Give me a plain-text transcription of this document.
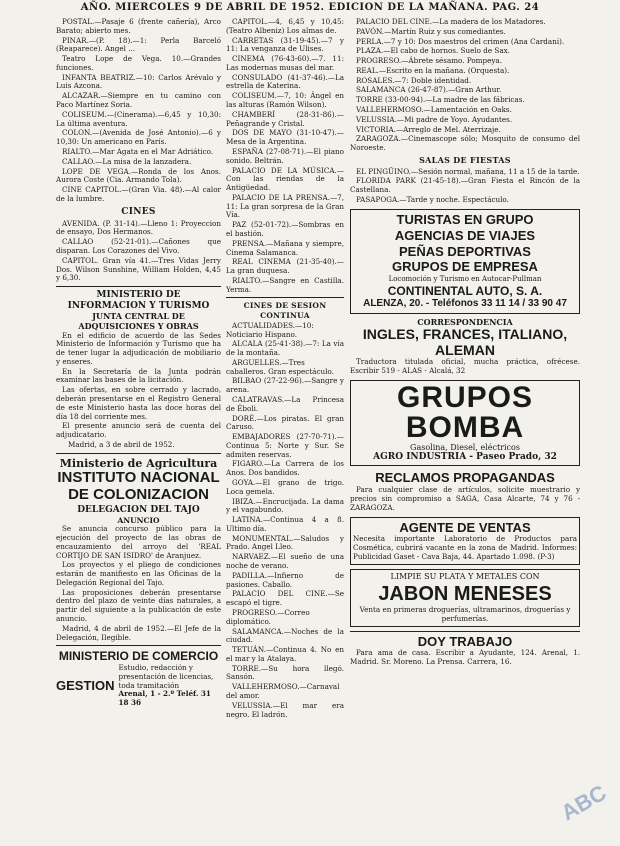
AÑO. MIERCOLES 9 DE ABRIL DE 1952. EDICION DE LA MAÑANA. PAG. 24

POSTAL.—Pasaje 6 (frente cañería), Arco Barato; abierto mes.

PINAR.—(P. 18).—1: Perla Barceló (Reaparece). Angel ...

Teatro Lope de Vega. 10.—Grandes funciones.

INFANTA BEATRIZ.—10: Carlos Arévalo y Luis Azcona.

ALCAZAR.—Siempre en tu camino con Paco Martínez Soria.

COLISEUM.—(Cinerama).—6,45 y 10,30: La última aventura.

COLON.—(Avenida de José Antonio).—6 y 10,30: Un americano en París.

RIALTO.—Mar Agata en el Mar Adriático.

CALLAO.—La misa de la lanzadera.

LOPE DE VEGA.—Ronda de los Anos. Aurora Coste (Cia. Armando Tola).

CINE CAPITOL.—(Gran Via. 48).—Al calor de la lumbre.

CINES

AVENIDA. (P. 31-14).—Lleno 1: Proyeccion de ensayo, Dos Hermanos.

CALLAO (52-21-01).—Cañones que disparan. Los Corazones del Vivo.

CAPITOL. Gran vía 41.—Tres Vidas Jerry Dos. Wilson Sunshine, William Holden, 4,45 y 6,30.

MINISTERIO DE INFORMACION Y TURISMO
JUNTA CENTRAL DE ADQUISICIONES Y OBRAS

En el edificio de acuerdo de las Sedes Ministerio de Información y Turismo que ha de tener lugar la adjudicación de mobiliario y enseres.

En la Secretaría de la Junta podrán examinar las bases de la licitación.

Las ofertas, en sobre cerrado y lacrado, deberán presentarse en el Registro General de este Ministerio hasta las doce horas del día 18 del corriente mes.

El presente anuncio será de cuenta del adjudicatario.

Madrid, a 3 de abril de 1952.

Ministerio de Agricultura
INSTITUTO NACIONAL DE COLONIZACION
DELEGACION DEL TAJO
ANUNCIO

Se anuncia concurso público para la ejecución del proyecto de las obras de encauzamiento del arroyo del 'REAL CORTIJO DE SAN ISIDRO' de Aranjuez.

Los proyectos y el pliego de condiciones estarán de manifiesto en las Oficinas de la Delegación Regional del Tajo.

Las proposiciones deberán presentarse dentro del plazo de veinte días naturales, a partir del siguiente a la publicación de este anuncio.

Madrid, 4 de abril de 1952.—El Jefe de la Delegación, Ilegible.

MINISTERIO DE COMERCIO
GESTION
Estudio, redacción y presentación de licencias, toda tramitación
Arenal, 1 - 2.º Teléf. 31 18 36

CAPITOL.—4, 6,45 y 10,45: (Teatro Albeniz) Los almas de.

CARRETAS (31-19-45).—7 y 11: La venganza de Ulises.

CINEMA (76-43-60).—7. 11: Las modernas musas del mar.

CONSULADO (41-37-46).—La estrella de Katerina.

COLISEUM.—7, 10: Ángel en las alturas (Ramón Wilson).

CHAMBERÍ (28-31-86).—Peñagrande y Cristal.

DOS DE MAYO (31-10-47).—Mesa de la Argentina.

ESPAÑA (27-08-71).—El piano sonido. Beltrán.

PALACIO DE LA MÚSICA.—Con las riendas de la Antigüedad.

PALACIO DE LA PRENSA.—7, 11: La gran sorpresa de la Gran Vía.

PAZ (52-01-72).—Sombras en el bastión.

PRENSA.—Mañana y siempre, Cinema Salamanca.

REAL CINEMA (21-35-40).—La gran duquesa.

RIALTO.—Sangre en Castilla. Yerma.

CINES DE SESION CONTINUA

ACTUALIDADES.—10: Noticiario Hispano.

ALCALA (25-41-38).—7: La vía de la montaña.

ARGUELLES.—Tres caballeros. Gran espectáculo.

BILBAO (27-22-96).—Sangre y arena.

CALATRAVAS.—La Princesa de Éboli.

DORÉ.—Los piratas. El gran Caruso.

EMBAJADORES (27-70-71).—Continua 5: Norte y Sur. Se admiten reservas.

FIGARO.—La Carrera de los Anos. Dos bandidos.

GOYA.—El grano de trigo. Loca gemela.

IBIZA.—Encrucijada. La dama y el vagabundo.

LATINA.—Continua 4 a 8. Ultimo día.

MONUMENTAL.—Saludos y Prado. Angel Lleo.

NARVAEZ.—El sueño de una noche de verano.

PADILLA.—Infierno de pasiones. Caballo.

PALACIO DEL CINE.—Se escapó el tigre.

PROGRESO.—Correo diplomático.

SALAMANCA.—Noches de la ciudad.

TETUÁN.—Continua 4. No en el mar y la Atalaya.

TORRE.—Su hora llegó. Sansón.

VALLEHERMOSO.—Carnaval del amor.

VELUSSIA.—El mar era negro. El ladrón.

PALACIO DEL CINE.—La madera de los Matadores.

PAVÓN.—Martín Ruiz y sus comediantes.

PERLA.—7 y 10: Dos maestros del crimen (Ana Cardani).

PLAZA.—El cabo de hornos. Suelo de Sax.

PROGRESO.—Ábrete sésamo. Pompeya.

REAL.—Escrito en la mañana. (Orquesta).

ROSALES.—7: Doble identidad.

SALAMANCA (26-47-87).—Gran Arthur.

TORRE (33-00-94).—La madre de las fábricas.

VALLEHERMOSO.—Lamentación en Oaks.

VELUSSIA.—Mi padre de Yoyo. Ayudantes.

VICTORIA.—Arreglo de Mel. Aterrizaje.

ZARAGOZA.—Cinemascope sólo; Mosquito de consumo del Noroeste.

SALAS DE FIESTAS

EL PINGÜINO.—Sesión normal, mañana, 11 a 15 de la tarde.

FLORIDA PARK (21-45-18).—Gran Fiesta el Rincón de la Castellana.

PASAPOGA.—Tarde y noche. Espectáculo.

TURISTAS EN GRUPO
AGENCIAS DE VIAJES
PEÑAS DEPORTIVAS
GRUPOS DE EMPRESA
Locomoción y Turismo en Autocar-Pullman
CONTINENTAL AUTO, S. A.
ALENZA, 20. - Teléfonos 33 11 14 / 33 90 47
CORRESPONDENCIA
INGLES, FRANCES, ITALIANO, ALEMAN

Traductora titulada oficial, mucha práctica, ofrécese. Escribir 519 - ALAS - Alcalá, 32

GRUPOS BOMBA
Gasolina, Diesel, eléctricos
AGRO INDUSTRIA - Paseo Prado, 32
RECLAMOS PROPAGANDAS

Para cualquier clase de artículos, solicite muestrario y precios sin compromiso a SAGA, Casa Alcarte, 74 y 76 - ZARAGOZA.

AGENTE DE VENTAS
Necesita importante Laboratorio de Productos para Cosmética, cubrirá vacante en la zona de Madrid. Informes: Publicidad Gaset - Cava Baja, 44. Apartado 1.098. (P-3)
LIMPIE SU PLATA Y METALES CON
JABON MENESES
Venta en primeras droguerías, ultramarinos, droguerías y perfumerías.
DOY TRABAJO

Para ama de casa. Escribir a Ayudante, 124. Arenal, 1. Madrid. Sr. Moreno. La Prensa. Carrera, 16.

ABC
